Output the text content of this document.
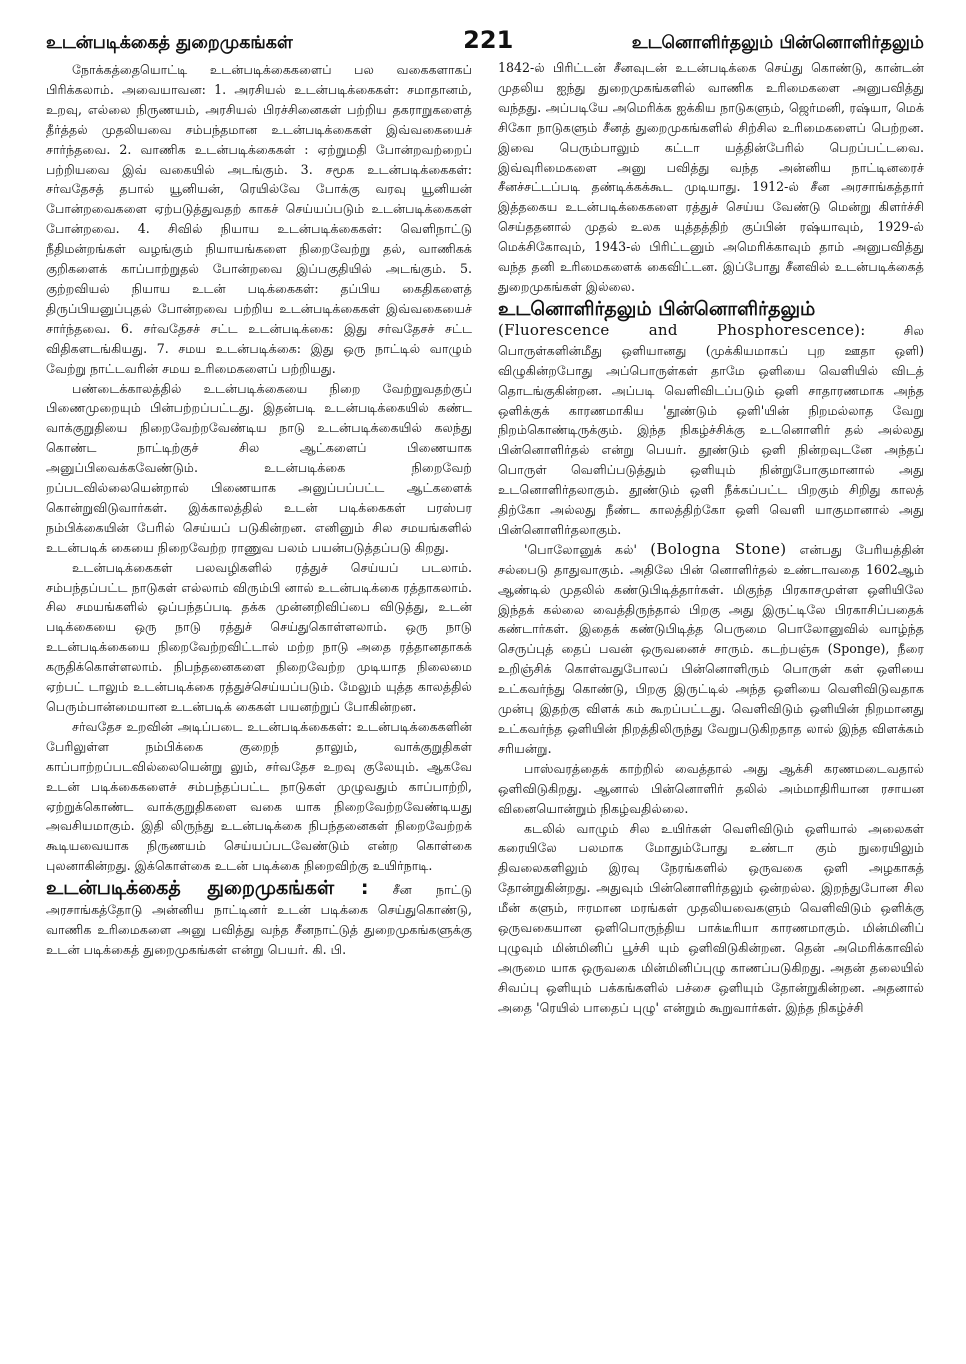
உடன்படிக்கைத் துறைமுகங்கள்	221	உடனொளிர்தலும் பின்னொளிர்தலும்

நோக்கத்தையொட்டி உடன்படிக்கைகளைப் பல வகைகளாகப் பிரிக்கலாம். அவையாவன: 1. அரசியல் உடன்படிக்கைகள்: சமாதானம், உறவு, எல்லை நிருணயம், அரசியல் பிரச்சினைகள் பற்றிய தகராறுகளைத் தீர்த்தல் முதலியவை சம்பந்தமான உடன்படிக்கைகள் இவ்வகையைச் சார்ந்தவை. 2. வாணிக உடன்படிக்கைகள் : ஏற்றுமதி போன்றவற்றைப் பற்றியவை இவ் வகையில் அடங்கும். 3. சமூக உடன்படிக்கைகள்: சர்வதேசத் தபால் யூனியன், ரெயில்வே போக்கு வரவு யூனியன் போன்றவைகளை ஏற்படுத்துவதற் காகச் செய்யப்படும் உடன்படிக்கைகள் போன்றவை. 4. சிவில் நியாய உடன்படிக்கைகள்: வெளிநாட்டு நீதிமன்றங்கள் வழங்கும் நியாயங்களை நிறைவேற்று தல், வாணிகக் குறிகளைக் காப்பாற்றுதல் போன்றவை இப்பகுதியில் அடங்கும். 5. குற்றவியல் நியாய உடன் படிக்கைகள்: தப்பிய கைதிகளைத் திருப்பியனுப்புதல் போன்றவை பற்றிய உடன்படிக்கைகள் இவ்வகையைச் சார்ந்தவை. 6. சர்வதேசச் சட்ட உடன்படிக்கை: இது சர்வதேசச் சட்ட விதிகளடங்கியது. 7. சமய உடன்படிக்கை: இது ஒரு நாட்டில் வாழும் வேற்று நாட்டவரின் சமய உரிமைகளைப் பற்றியது.

பண்டைக்காலத்தில் உடன்படிக்கையை நிறை வேற்றுவதற்குப் பிணைமுறையும் பின்பற்றப்பட்டது. இதன்படி உடன்படிக்கையில் கண்ட வாக்குறுதியை நிறைவேற்றவேண்டிய நாடு உடன்படிக்கையில் கலந்து கொண்ட நாட்டிற்குச் சில ஆட்களைப் பிணையாக அனுப்பிவைக்கவேண்டும். உடன்படிக்கை நிறைவேற் றப்படவில்லையென்றால் பிணையாக அனுப்பப்பட்ட ஆட்களைக் கொன்றுவிடுவார்கள். இக்காலத்தில் உடன் படிக்கைகள் பரஸ்பர நம்பிக்கையின் பேரில் செய்யப் படுகின்றன. எனினும் சில சமயங்களில் உடன்படிக் கையை நிறைவேற்ற ராணுவ பலம் பயன்படுத்தப்படு கிறது.

உடன்படிக்கைகள் பலவழிகளில் ரத்துச் செய்யப் படலாம். சம்பந்தப்பட்ட நாடுகள் எல்லாம் விரும்பி னால் உடன்படிக்கை ரத்தாகலாம். சில சமயங்களில் ஒப்பந்தப்படி தக்க முன்னறிவிப்பை விடுத்து, உடன் படிக்கையை ஒரு நாடு ரத்துச் செய்துகொள்ளலாம். ஒரு நாடு உடன்படிக்கையை நிறைவேற்றவிட்டால் மற்ற நாடு அதை ரத்தானதாகக் கருதிக்கொள்ளலாம். நிபந்தனைகளை நிறைவேற்ற முடியாத நிலைமை ஏற்பட் டாலும் உடன்படிக்கை ரத்துச்செய்யப்படும். மேலும் யுத்த காலத்தில் பெரும்பான்மையான உடன்படிக் கைகள் பயனற்றுப் போகின்றன.

சர்வதேச உறவின் அடிப்படை உடன்படிக்கைகள்: உடன்படிக்கைகளின் பேரிலுள்ள நம்பிக்கை குறைந் தாலும், வாக்குறுதிகள் காப்பாற்றப்படவில்லையென்று லும், சர்வதேச உறவு குலேயும். ஆகவே உடன் படிக்கைகளைச் சம்பந்தப்பட்ட நாடுகள் முழுவதும் காப்பாற்றி, ஏற்றுக்கொண்ட வாக்குறுதிகளை வகை யாக நிறைவேற்றவேண்டியது அவசியமாகும். இதி லிருந்து உடன்படிக்கை நிபந்தனைகள் நிறைவேற்றக் கூடியவையாக நிருணயம் செய்யப்படவேண்டும் என்ற கொள்கை புலனாகின்றது. இக்கொள்கை உடன் படிக்கை நிறைவிற்கு உயிர்நாடி.

உடன்படிக்கைத் துறைமுகங்கள் : சீன நாட்டு அரசாங்கத்தோடு அன்னிய நாட்டினர் உடன் படிக்கை செய்துகொண்டு, வாணிக உரிமைகளை அனு பவித்து வந்த சீனநாட்டுத் துறைமுகங்களுக்கு உடன் படிக்கைத் துறைமுகங்கள் என்று பெயர். கி. பி.

1842-ல் பிரிட்டன் சீனவுடன் உடன்படிக்கை செய்து கொண்டு, கான்டன் முதலிய ஐந்து துறைமுகங்களில் வாணிக உரிமைகளை அனுபவித்து வந்தது. அப்படியே அமெரிக்க ஐக்கிய நாடுகளும், ஜெர்மனி, ரஷ்யா, மெக் சிகோ நாடுகளும் சீனத் துறைமுகங்களில் சிற்சில உரிமைகளைப் பெற்றன. இவை பெரும்பாலும் கட்டா யத்தின்பேரில் பெறப்பட்டவை. இவ்வுரிமைகளை அனு பவித்து வந்த அன்னிய நாட்டினரைச் சீனச்சட்டப்படி தண்டிக்கக்கூட முடியாது. 1912-ல் சீன அரசாங்கத்தார் இத்தகைய உடன்படிக்கைகளை ரத்துச் செய்ய வேண்டு மென்று கிளர்ச்சி செய்ததனால் முதல் உலக யுத்தத்திற் குப்பின் ரஷ்யாவும், 1929-ல் மெக்சிகோவும், 1943-ல் பிரிட்டனும் அமெரிக்காவும் தாம் அனுபவித்து வந்த தனி உரிமைகளைக் கைவிட்டன. இப்போது சீனவில் உடன்படிக்கைத் துறைமுகங்கள் இல்லை.

உடனொளிர்தலும் பின்னொளிர்தலும்

(Fluorescence and Phosphorescence):	சில பொருள்களின்மீது ஒளியானது (முக்கியமாகப் புற ஊதா ஒளி) விழுகின்றபோது அப்பொருள்கள் தாமே ஒளியை வெளியில் விடத் தொடங்குகின்றன. அப்படி வெளிவிடப்படும் ஒளி சாதாரணமாக அந்த ஒளிக்குக் காரணமாகிய 'தூண்டும் ஒளி'யின் நிறமல்லாத வேறு நிறம்கொண்டிருக்கும். இந்த நிகழ்ச்சிக்கு உடனொளிர் தல் அல்லது பின்னொளிர்தல் என்று பெயர். தூண்டும் ஒளி நின்றவுடனே அந்தப் பொருள் வெளிப்படுத்தும் ஒளியும் நின்றுபோகுமானால் அது உடனொளிர்தலாகும். தூண்டும் ஒளி நீக்கப்பட்ட பிறகும் சிறிது காலத் திற்கோ அல்லது நீண்ட காலத்திற்கோ ஒளி வெளி யாகுமானால் அது பின்னொளிர்தலாகும்.

'பொலோனுக் கல்' (Bologna Stone) என்பது பேரியத்தின் சல்பைடு தாதுவாகும். அதிலே பின் னொளிர்தல் உண்டாவதை 1602ஆம் ஆண்டில் முதலில் கண்டுபிடித்தார்கள். மிகுந்த பிரகாசமுள்ள ஒளியிலே இந்தக் கல்லை வைத்திருந்தால் பிறகு அது இருட்டிலே பிரகாசிப்பதைக் கண்டார்கள். இதைக் கண்டுபிடித்த பெருமை பொலோனுவில் வாழ்ந்த செருப்புத் தைப் பவன் ஒருவனைச் சாரும். கடற்பஞ்சு (Sponge), நீரை உறிஞ்சிக் கொள்வதுபோலப் பின்னொளிரும் பொருள் கள் ஒளியை உட்கவர்ந்து கொண்டு, பிறகு இருட்டில் அந்த ஒளியை வெளிவிடுவதாக முன்பு இதற்கு விளக் கம் கூறப்பட்டது. வெளிவிடும் ஒளியின் நிறமானது உட்கவர்ந்த ஒளியின் நிறத்திலிருந்து வேறுபடுகிறதாத லால் இந்த விளக்கம் சரியன்று.

பாஸ்வரத்தைக் காற்றில் வைத்தால் அது ஆக்சி கரணமடைவதால் ஒளிவிடுகிறது. ஆனால் பின்னொளிர் தலில் அம்மாதிரியான ரசாயன வினையொன்றும் நிகழ்வதில்லை.

கடலில் வாழும் சில உயிர்கள் வெளிவிடும் ஒளியால் அலைகள் கரையிலே பலமாக மோதும்போது உண்டா கும் நுரையிலும் திவலைகளிலும் இரவு நேரங்களில் ஒருவகை ஒளி அழகாகத் தோன்றுகின்றது. அதுவும் பின்னொளிர்தலும் ஒன்றல்ல. இறந்துபோன சில மீன் களும், ஈரமான மரங்கள் முதலியவைகளும் வெளிவிடும் ஒளிக்கு ஒருவகையான ஒளிபொருந்திய பாக்டீரியா காரணமாகும். மின்மினிப் புழுவும் மின்மினிப் பூச்சி யும் ஒளிவிடுகின்றன. தென் அமெரிக்காவில் அருமை யாக ஒருவகை மின்மினிப்புழு காணப்படுகிறது. அதன் தலையில் சிவப்பு ஒளியும் பக்கங்களில் பச்சை ஒளியும் தோன்றுகின்றன. அதனால் அதை 'ரெயில் பாதைப் புழு' என்றும் கூறுவார்கள். இந்த நிகழ்ச்சி
